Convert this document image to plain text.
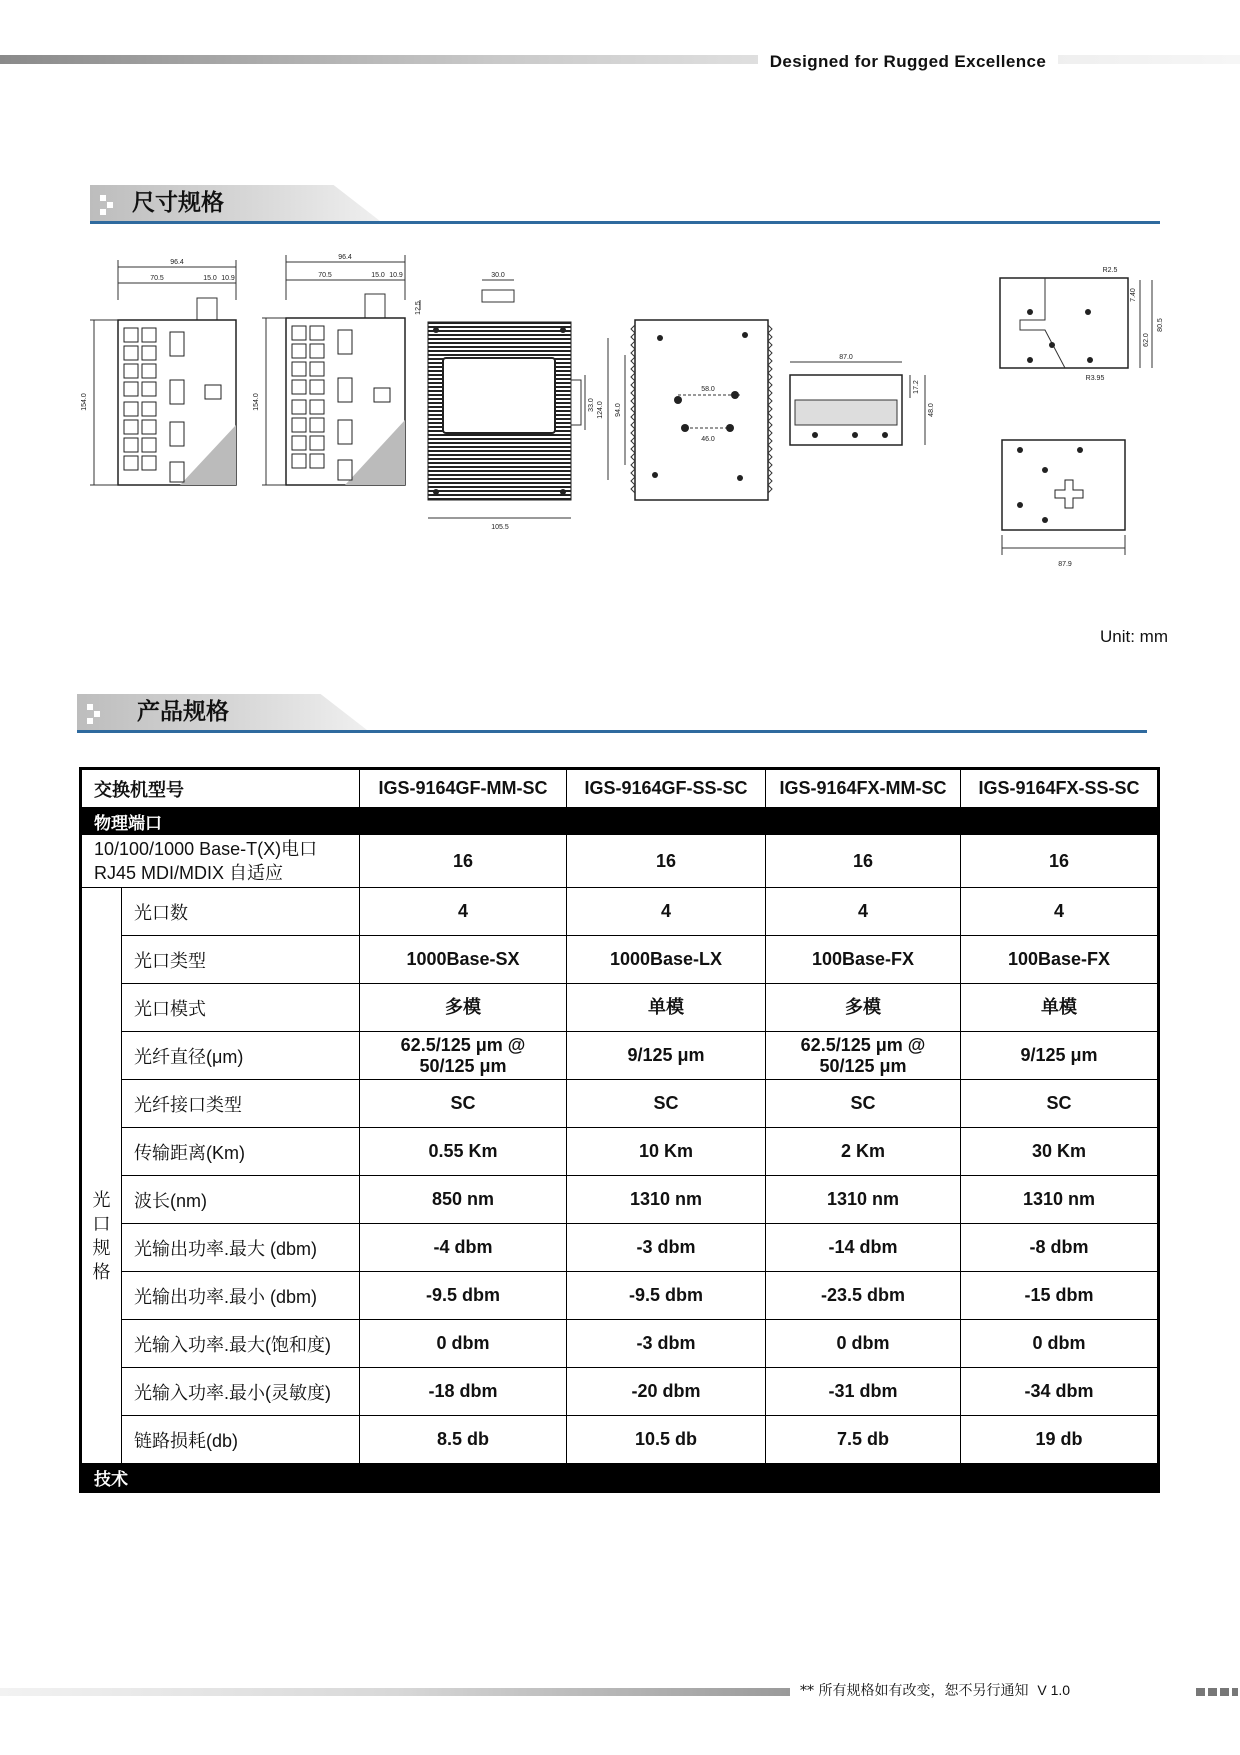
Designed for Rugged Excellence
尺寸规格
96.4
70.5	15.0 10.9
154.0
96.4
70.5	15.0 10.9
154.0
30.0
12.5
33.0
105.5
124.0 94.0
58.0
46.0
87.0
17.2
48.0
R2.5
R3.95
7.40
62.0
80.5
87.9
Unit: mm
产品规格
交换机型号		IGS-9164GF-MM-SC	IGS-9164GF-SS-SC	IGS-9164FX-MM-SC	IGS-9164FX-SS-SC
物理端口					
10/100/1000 Base-T(X)电口
RJ45 MDI/MDIX 自适应		16	16	16	16

光
口
规
格	光口数	4	4	4	4
	光口类型	1000Base-SX	1000Base-LX	100Base-FX	100Base-FX
	光口模式	多模	单模	多模	单模
	光纤直径(μm)	62.5/125 μm @
50/125 μm	9/125 μm	62.5/125 μm @
50/125 μm	9/125 μm
	光纤接口类型	SC	SC	SC	SC
	传输距离(Km)	0.55 Km	10 Km	2 Km	30 Km
	波长(nm)	850 nm	1310 nm	1310 nm	1310 nm
	光输出功率.最大 (dbm)	-4 dbm	-3 dbm	-14 dbm	-8 dbm
	光输出功率.最小 (dbm)	-9.5 dbm	-9.5 dbm	-23.5 dbm	-15 dbm
	光输入功率.最大(饱和度)	0 dbm	-3 dbm	0 dbm	0 dbm
	光输入功率.最小(灵敏度)	-18 dbm	-20 dbm	-31 dbm	-34 dbm
	链路损耗(db)	8.5 db	10.5 db	7.5 db	19 db
技术					
** 所有规格如有改变，恕不另行通知 V 1.0
